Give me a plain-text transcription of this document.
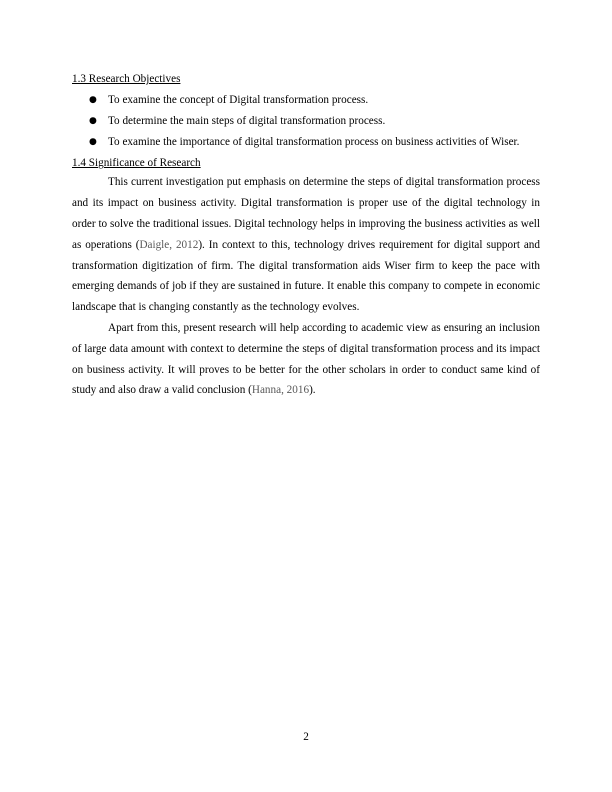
1.3 Research Objectives

● To examine the concept of Digital transformation process.
● To determine the main steps of digital transformation process.
● To examine the importance of digital transformation process on business activities of Wiser.

1.4 Significance of Research

This current investigation put emphasis on determine the steps of digital transformation process and its impact on business activity. Digital transformation is proper use of the digital technology in order to solve the traditional issues. Digital technology helps in improving the business activities as well as operations (Daigle, 2012). In context to this, technology drives requirement for digital support and transformation digitization of firm. The digital transformation aids Wiser firm to keep the pace with emerging demands of job if they are sustained in future. It enable this company to compete in economic landscape that is changing constantly as the technology evolves.

Apart from this, present research will help according to academic view as ensuring an inclusion of large data amount with context to determine the steps of digital transformation process and its impact on business activity. It will proves to be better for the other scholars in order to conduct same kind of study and also draw a valid conclusion (Hanna, 2016).

2
